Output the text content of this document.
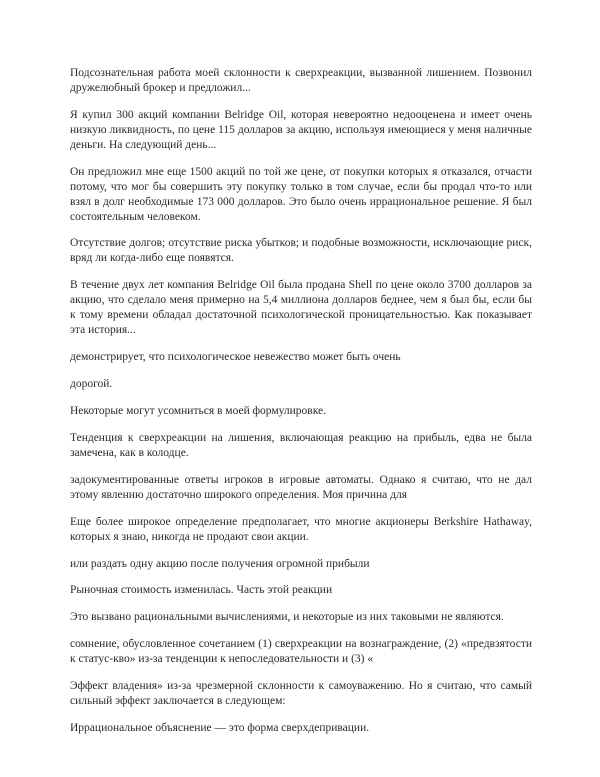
Подсознательная работа моей склонности к сверхреакции, вызванной лишением. Позвонил дружелюбный брокер и предложил...

Я купил 300 акций компании Belridge Oil, которая невероятно недооценена и имеет очень низкую ликвидность, по цене 115 долларов за акцию, используя имеющиеся у меня наличные деньги. На следующий день...

Он предложил мне еще 1500 акций по той же цене, от покупки которых я отказался, отчасти потому, что мог бы совершить эту покупку только в том случае, если бы продал что-то или взял в долг необходимые 173 000 долларов. Это было очень иррациональное решение. Я был состоятельным человеком.

Отсутствие долгов; отсутствие риска убытков; и подобные возможности, исключающие риск, вряд ли когда-либо еще появятся.

В течение двух лет компания Belridge Oil была продана Shell по цене около 3700 долларов за акцию, что сделало меня примерно на 5,4 миллиона долларов беднее, чем я был бы, если бы к тому времени обладал достаточной психологической проницательностью. Как показывает эта история...

демонстрирует, что психологическое невежество может быть очень

дорогой.

Некоторые могут усомниться в моей формулировке.

Тенденция к сверхреакции на лишения, включающая реакцию на прибыль, едва не была замечена, как в колодце.

задокументированные ответы игроков в игровые автоматы. Однако я считаю, что не дал этому явлению достаточно широкого определения. Моя причина для

Еще более широкое определение предполагает, что многие акционеры Berkshire Hathaway, которых я знаю, никогда не продают свои акции.

или раздать одну акцию после получения огромной прибыли

Рыночная стоимость изменилась. Часть этой реакции

Это вызвано рациональными вычислениями, и некоторые из них таковыми не являются.

сомнение, обусловленное сочетанием (1) сверхреакции на вознаграждение, (2) «предвзятости к статус-кво» из-за тенденции к непоследовательности и (3) «

Эффект владения» из-за чрезмерной склонности к самоуважению. Но я считаю, что самый сильный эффект заключается в следующем:

Иррациональное объяснение — это форма сверхдепривации.
